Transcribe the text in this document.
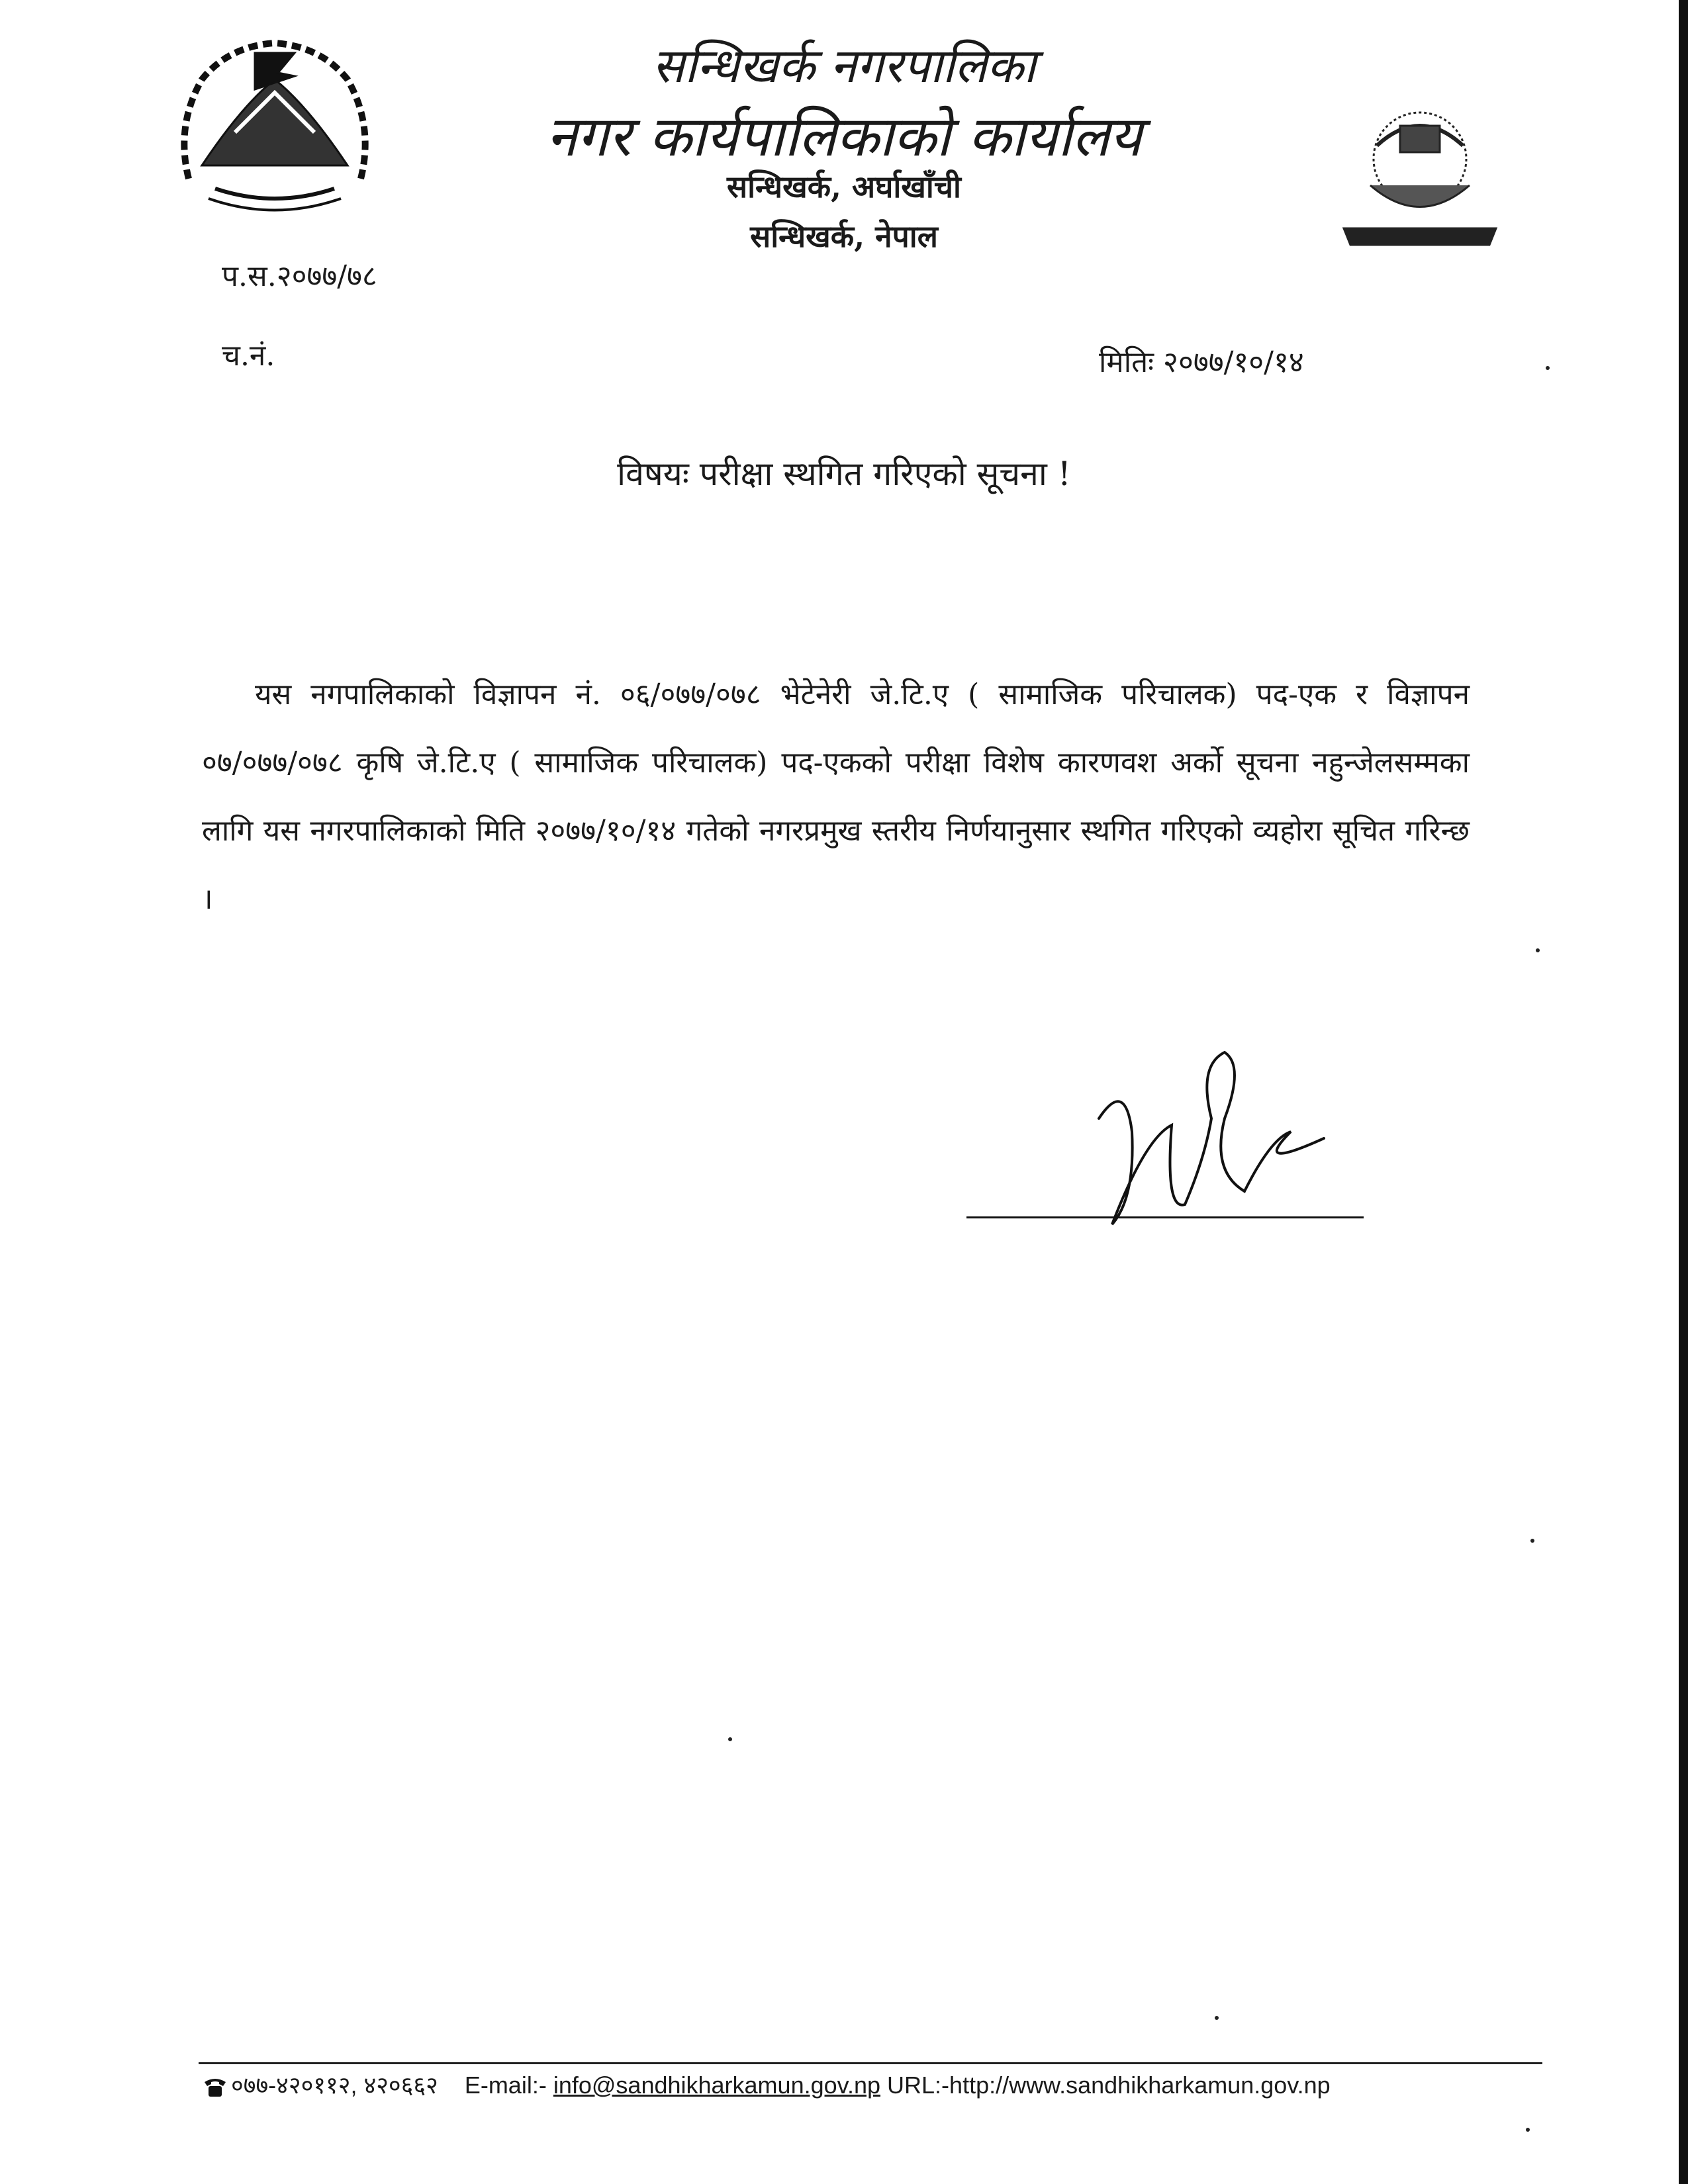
सन्धिखर्क नगरपालिका
नगर कार्यपालिकाको कार्यालय
सन्धिखर्क, अर्घाखाँची
सन्धिखर्क, नेपाल
प.स.२०७७/७८
च.नं.	मितिः २०७७/१०/१४
विषयः परीक्षा स्थगित गरिएको सूचना !
यस नगपालिकाको विज्ञापन नं. ०६/०७७/०७८ भेटेनेरी जे.टि.ए ( सामाजिक परिचालक) पद-एक र विज्ञापन ०७/०७७/०७८ कृषि जे.टि.ए ( सामाजिक परिचालक) पद-एकको परीक्षा विशेष कारणवश अर्को सूचना नहुन्जेलसम्मका लागि यस नगरपालिकाको मिति २०७७/१०/१४ गतेको नगरप्रमुख स्तरीय निर्णयानुसार स्थगित गरिएको व्यहोरा सूचित गरिन्छ ।
०७७-४२०११२, ४२०६६२ E-mail:- info@sandhikharkamun.gov.np URL:-http://www.sandhikharkamun.gov.np
